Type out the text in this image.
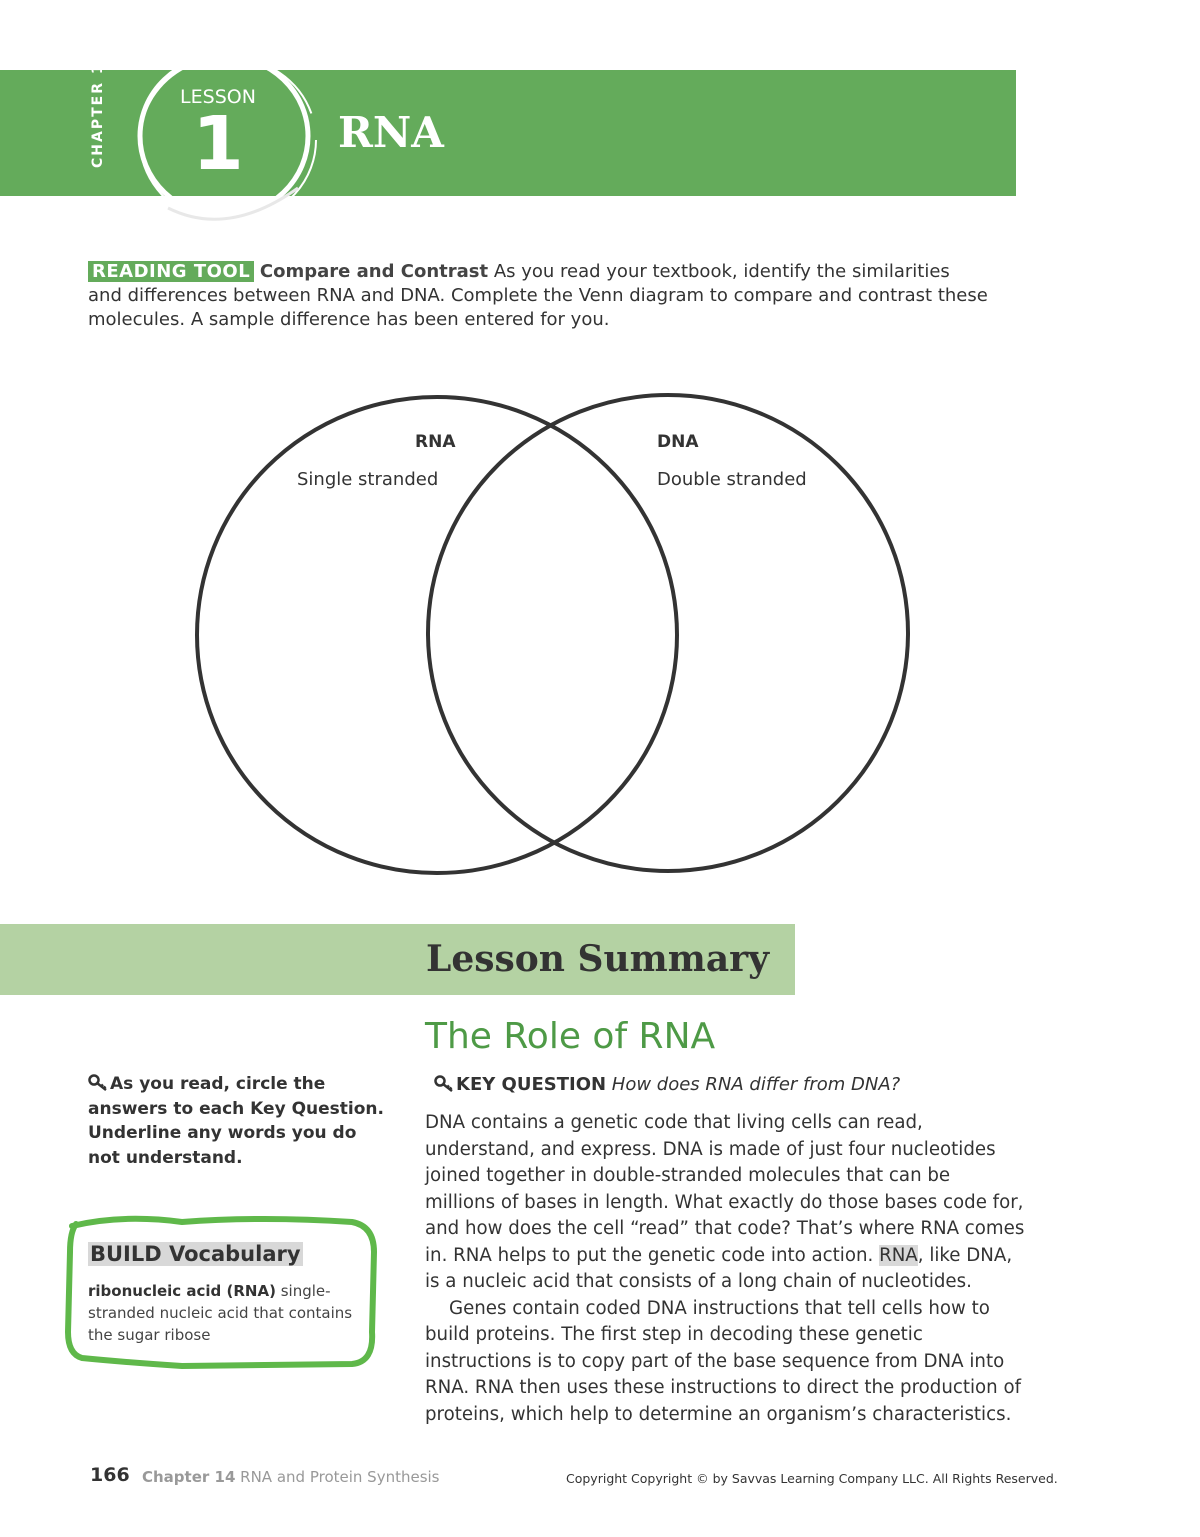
CHAPTER 14	LESSON
1	RNA
READING TOOL Compare and Contrast As you read your textbook, identify the similarities and differences between RNA and DNA. Complete the Venn diagram to compare and contrast these molecules. A sample difference has been entered for you.
RNA
Single stranded
DNA
Double stranded
Lesson Summary
As you read, circle the answers to each Key Question. Underline any words you do not understand.
BUILD Vocabulary
ribonucleic acid (RNA) single-stranded nucleic acid that contains the sugar ribose
The Role of RNA
KEY QUESTION How does RNA differ from DNA?
DNA contains a genetic code that living cells can read, understand, and express. DNA is made of just four nucleotides joined together in double-stranded molecules that can be millions of bases in length. What exactly do those bases code for, and how does the cell “read” that code? That’s where RNA comes in. RNA helps to put the genetic code into action. RNA, like DNA, is a nucleic acid that consists of a long chain of nucleotides.
Genes contain coded DNA instructions that tell cells how to build proteins. The first step in decoding these genetic instructions is to copy part of the base sequence from DNA into RNA. RNA then uses these instructions to direct the production of proteins, which help to determine an organism’s characteristics.
166 Chapter 14 RNA and Protein Synthesis	Copyright Copyright © by Savvas Learning Company LLC. All Rights Reserved.
